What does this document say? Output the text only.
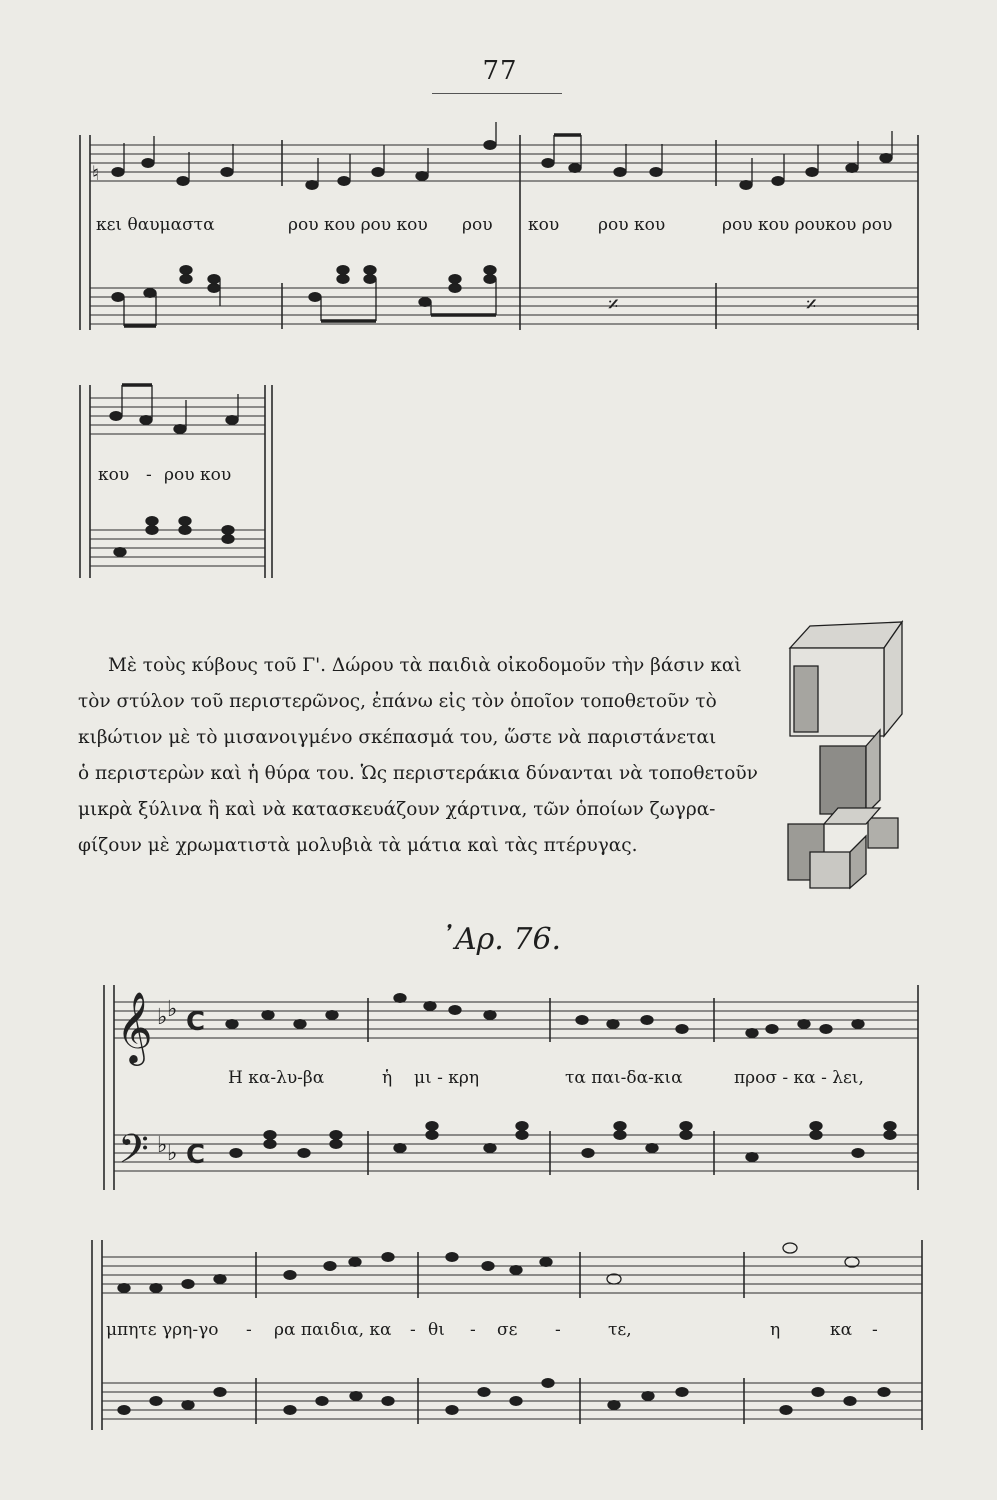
77
𝄞
𝄢
♭ ♭
♭ ♭
C
C
♮
𝄎	𝄎
κει θαυμαστα	ρου κου ρου κου ρου κου ρου κου	ρου κου ρουκου ρου
κου - ρου κου
Μὲ τοὺς κύβους τοῦ Γ'. Δώρου τὰ παιδιὰ οἰκοδομοῦν τὴν βάσιν καὶ
τὸν στύλον τοῦ περιστερῶνος, ἐπάνω εἰς τὸν ὁποῖον τοποθετοῦν τὸ
κιβώτιον μὲ τὸ μισανοιγμένο σκέπασμά του, ὥστε νὰ παριστάνεται
ὁ περιστερὼν καὶ ἡ θύρα του. Ὡς περιστεράκια δύνανται νὰ τοποθετοῦν
μικρὰ ξύλινα ἢ καὶ νὰ κατασκευάζουν χάρτινα, τῶν ὁποίων ζωγρα-
φίζουν μὲ χρωματιστὰ μολυβιὰ τὰ μάτια καὶ τὰς πτέρυγας.
᾿Αρ. 76.
Η κα-λυ-βα	ἡ μι - κρη	τα παι-δα-κια	προσ - κα - λει,
μπητε γρη-γο - ρα παιδια, κα - θι - σε -	τε,	η	κα -
